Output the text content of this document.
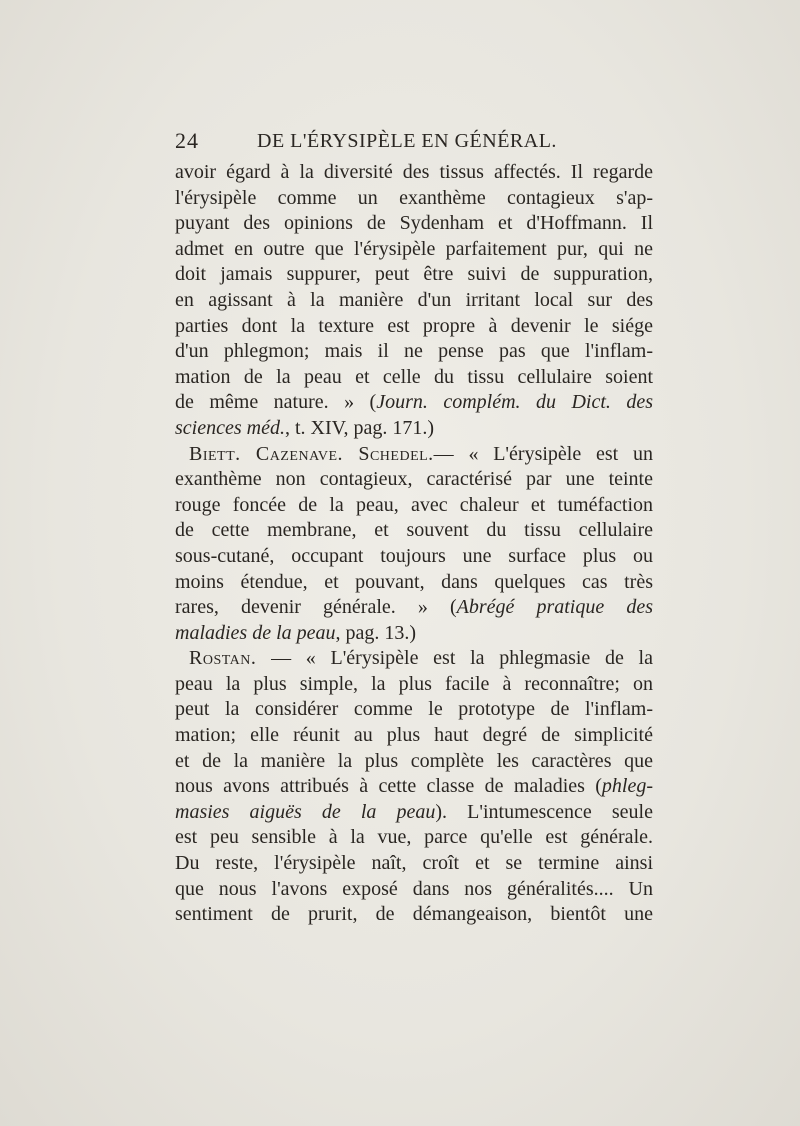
24	DE L'ÉRYSIPÈLE EN GÉNÉRAL.
avoir égard à la diversité des tissus affectés. Il regarde
l'érysipèle comme un exanthème contagieux s'ap-
puyant des opinions de Sydenham et d'Hoffmann. Il
admet en outre que l'érysipèle parfaitement pur, qui ne
doit jamais suppurer, peut être suivi de suppuration,
en agissant à la manière d'un irritant local sur des
parties dont la texture est propre à devenir le siége
d'un phlegmon; mais il ne pense pas que l'inflam-
mation de la peau et celle du tissu cellulaire soient
de même nature. » (Journ. complém. du Dict. des
sciences méd., t. XIV, pag. 171.)
Biett. Cazenave. Schedel.— « L'érysipèle est un
exanthème non contagieux, caractérisé par une teinte
rouge foncée de la peau, avec chaleur et tuméfaction
de cette membrane, et souvent du tissu cellulaire
sous-cutané, occupant toujours une surface plus ou
moins étendue, et pouvant, dans quelques cas très
rares, devenir générale. » (Abrégé pratique des
maladies de la peau, pag. 13.)
Rostan. — « L'érysipèle est la phlegmasie de la
peau la plus simple, la plus facile à reconnaître; on
peut la considérer comme le prototype de l'inflam-
mation; elle réunit au plus haut degré de simplicité
et de la manière la plus complète les caractères que
nous avons attribués à cette classe de maladies (phleg-
masies aiguës de la peau). L'intumescence seule
est peu sensible à la vue, parce qu'elle est générale.
Du reste, l'érysipèle naît, croît et se termine ainsi
que nous l'avons exposé dans nos généralités.... Un
sentiment de prurit, de démangeaison, bientôt une
